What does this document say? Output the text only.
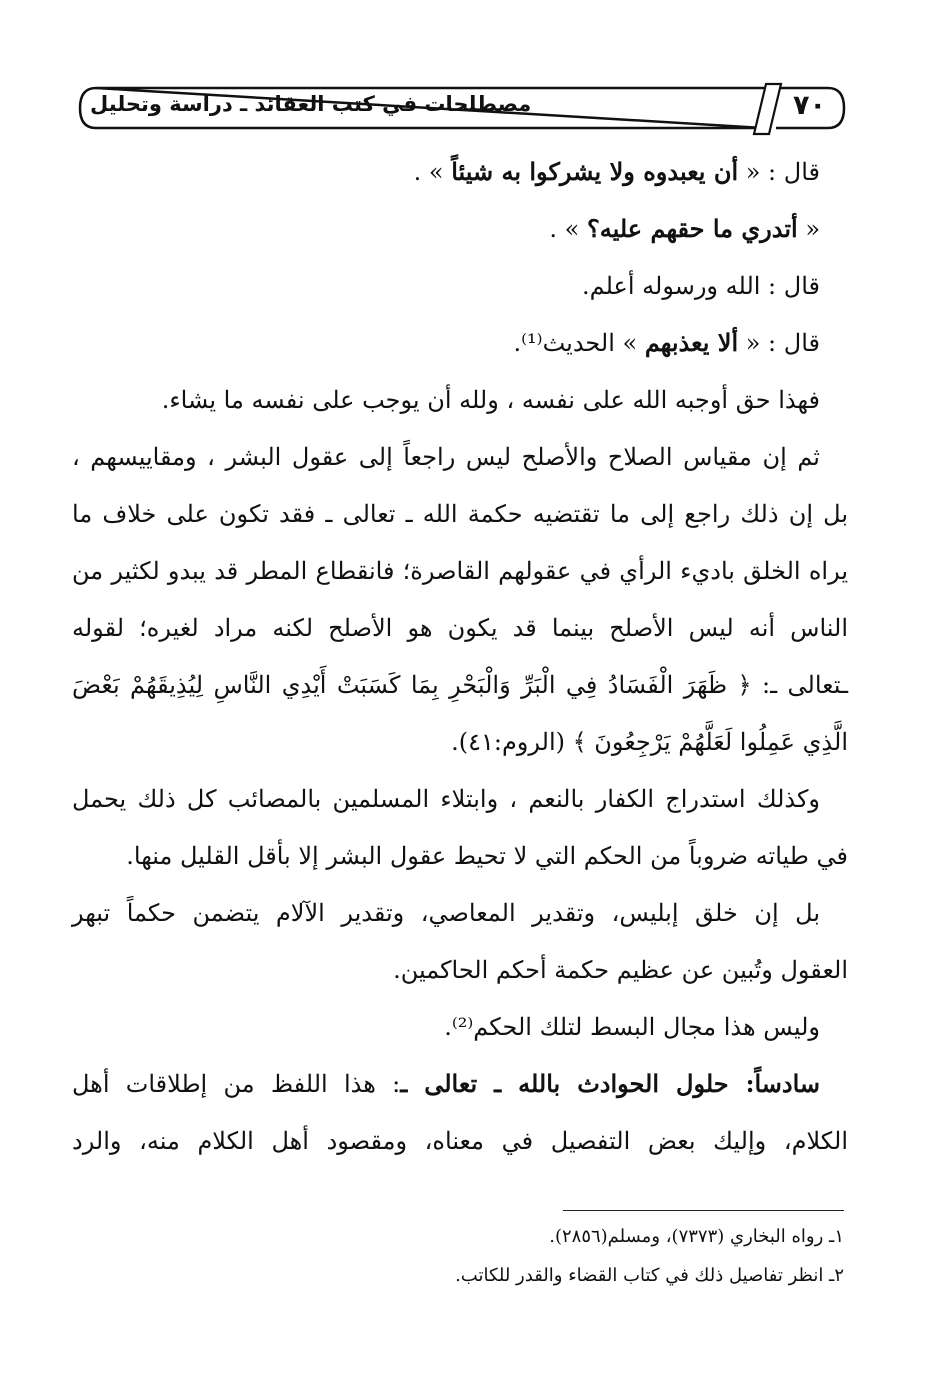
٧٠
مصطلحات في كتب العقائد ـ دراسة وتحليل
قال : « أن يعبدوه ولا يشركوا به شيئاً » .
« أتدري ما حقهم عليه؟ » .
قال : الله ورسوله أعلم.
قال : « ألا يعذبهم » الحديث⁽¹⁾.
فهذا حق أوجبه الله على نفسه ، ولله أن يوجب على نفسه ما يشاء.
ثم إن مقياس الصلاح والأصلح ليس راجعاً إلى عقول البشر ، ومقاييسهم ،
بل إن ذلك راجع إلى ما تقتضيه حكمة الله ـ تعالى ـ فقد تكون على خلاف ما
يراه الخلق باديء الرأي في عقولهم القاصرة؛ فانقطاع المطر قد يبدو لكثير من
الناس أنه ليس الأصلح بينما قد يكون هو الأصلح لكنه مراد لغيره؛ لقوله
ـتعالى ـ: ﴿ ظَهَرَ الْفَسَادُ فِي الْبَرِّ وَالْبَحْرِ بِمَا كَسَبَتْ أَيْدِي النَّاسِ لِيُذِيقَهُمْ بَعْضَ
الَّذِي عَمِلُوا لَعَلَّهُمْ يَرْجِعُونَ ﴾ (الروم:٤١).
وكذلك استدراج الكفار بالنعم ، وابتلاء المسلمين بالمصائب كل ذلك يحمل
في طياته ضروباً من الحكم التي لا تحيط عقول البشر إلا بأقل القليل منها.
بل إن خلق إبليس، وتقدير المعاصي، وتقدير الآلام يتضمن حكماً تبهر
العقول وتُبين عن عظيم حكمة أحكم الحاكمين.
وليس هذا مجال البسط لتلك الحكم⁽²⁾.
سادساً: حلول الحوادث بالله ـ تعالى ـ: هذا اللفظ من إطلاقات أهل
الكلام، وإليك بعض التفصيل في معناه، ومقصود أهل الكلام منه، والرد
١ـ رواه البخاري (٧٣٧٣)، ومسلم(٢٨٥٦).
٢ـ انظر تفاصيل ذلك في كتاب القضاء والقدر للكاتب.
